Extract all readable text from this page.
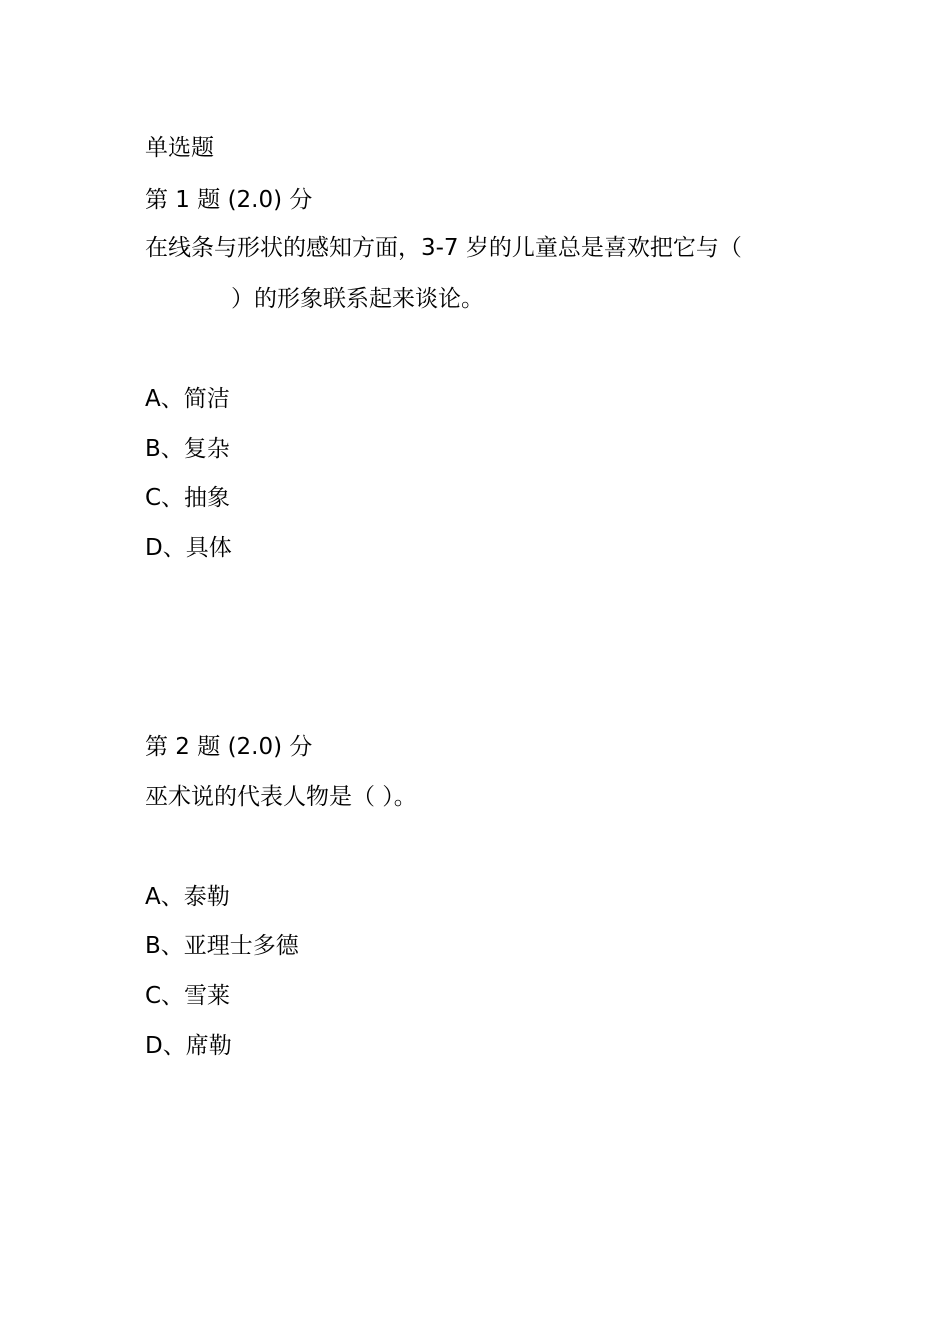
单选题
第 1 题 (2.0) 分
在线条与形状的感知方面，3-7 岁的儿童总是喜欢把它与（
）的形象联系起来谈论。
A、简洁
B、复杂
C、抽象
D、具体
第 2 题 (2.0) 分
巫术说的代表人物是（ ）。
A、泰勒
B、亚理士多德
C、雪莱
D、席勒
